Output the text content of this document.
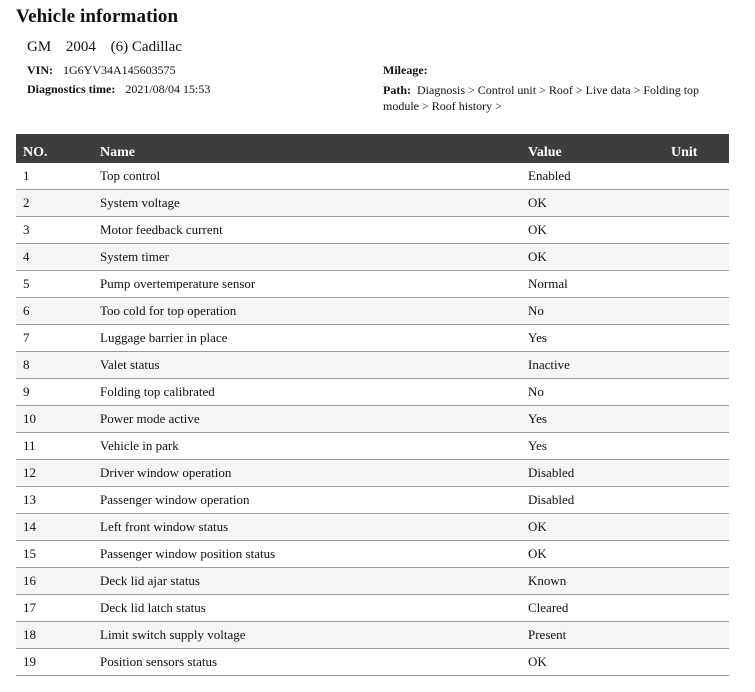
Vehicle information
GM 2004 (6) Cadillac
VIN: 1G6YV34A145603575
Diagnostics time: 2021/08/04 15:53
Mileage:
Path: Diagnosis > Control unit > Roof > Live data > Folding top module > Roof history >
NO.	Name	Value	Unit
1	Top control	Enabled	
2	System voltage	OK	
3	Motor feedback current	OK	
4	System timer	OK	
5	Pump overtemperature sensor	Normal	
6	Too cold for top operation	No	
7	Luggage barrier in place	Yes	
8	Valet status	Inactive	
9	Folding top calibrated	No	
10	Power mode active	Yes	
11	Vehicle in park	Yes	
12	Driver window operation	Disabled	
13	Passenger window operation	Disabled	
14	Left front window status	OK	
15	Passenger window position status	OK	
16	Deck lid ajar status	Known	
17	Deck lid latch status	Cleared	
18	Limit switch supply voltage	Present	
19	Position sensors status	OK	
